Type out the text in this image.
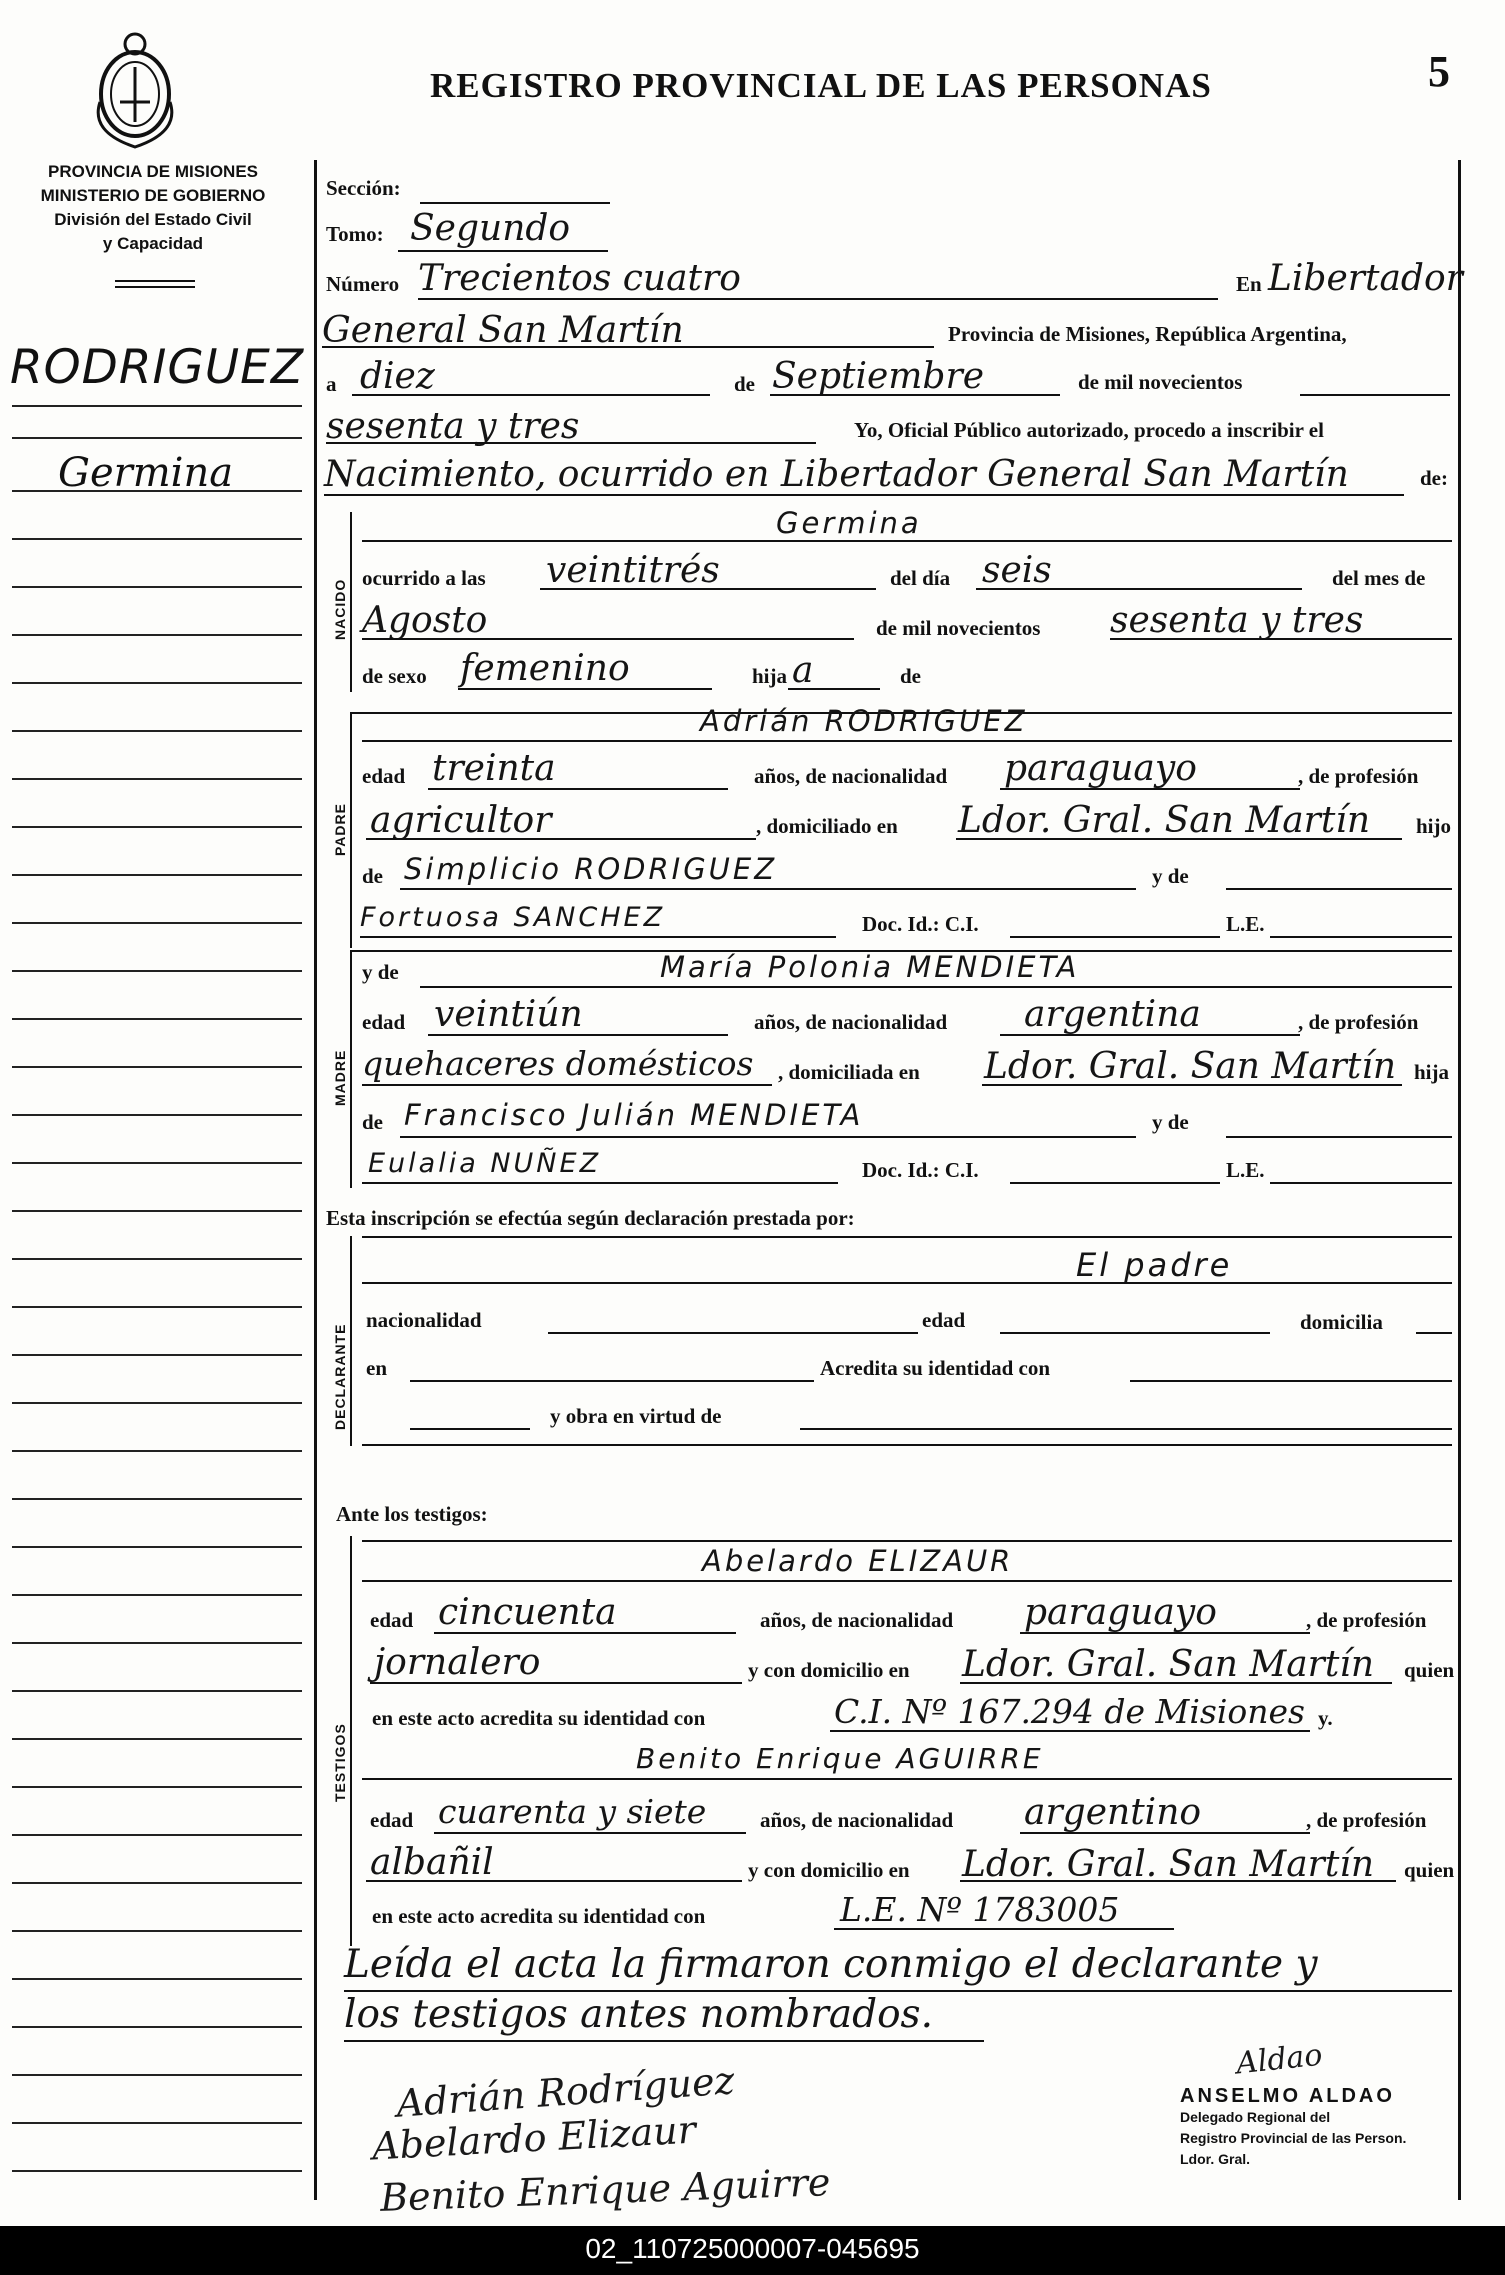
REGISTRO PROVINCIAL DE LAS PERSONAS	5
PROVINCIA DE MISIONES
MINISTERIO DE GOBIERNO
División del Estado Civil
y Capacidad
RODRIGUEZ
Germina
Sección:
Tomo: Segundo
Número Trecientos cuatro	En Libertador
General San Martín	Provincia de Misiones, República Argentina,
a diez	de Septiembre	de mil novecientos
sesenta y tres	Yo, Oficial Público autorizado, procedo a inscribir el
Nacimiento, ocurrido en Libertador General San Martín	de:
NACIDO
Germina
ocurrido a las veintitrés	del día seis	del mes de
Agosto	de mil novecientos sesenta y tres
de sexo femenino	hija a	de
PADRE
Adrián RODRIGUEZ
edad treinta	años, de nacionalidad paraguayo	, de profesión
agricultor	, domiciliado en Ldor. Gral. San Martín hijo
de Simplicio RODRIGUEZ	y de
Fortuosa SANCHEZ	Doc. Id.: C.I.	L.E.
MADRE
y de	María Polonia MENDIETA
edad veintiún	años, de nacionalidad argentina	, de profesión
quehaceres domésticos , domiciliada en Ldor. Gral. San Martín hija
de Francisco Julián MENDIETA	y de
Eulalia NUÑEZ	Doc. Id.: C.I.	L.E.
Esta inscripción se efectúa según declaración prestada por:
DECLARANTE
El padre
nacionalidad	edad	domicilia
en	Acredita su identidad con
y obra en virtud de
Ante los testigos:
TESTIGOS
Abelardo ELIZAUR
edad cincuenta	años, de nacionalidad paraguayo	, de profesión
jornalero	y con domicilio en Ldor. Gral. San Martín quien
en este acto acredita su identidad con	C.I. Nº 167.294 de Misiones y.
Benito Enrique AGUIRRE
edad cuarenta y siete	años, de nacionalidad argentino	, de profesión
albañil	y con domicilio en Ldor. Gral. San Martín quien
en este acto acredita su identidad con	L.E. Nº 1783005
Leída el acta la firmaron conmigo el declarante y
los testigos antes nombrados.
Adrián Rodríguez
Abelardo Elizaur
Benito Enrique Aguirre
Aldao
ANSELMO ALDAO
Delegado Regional del
Registro Provincial de las Person.
Ldor. Gral.
02_110725000007-045695
